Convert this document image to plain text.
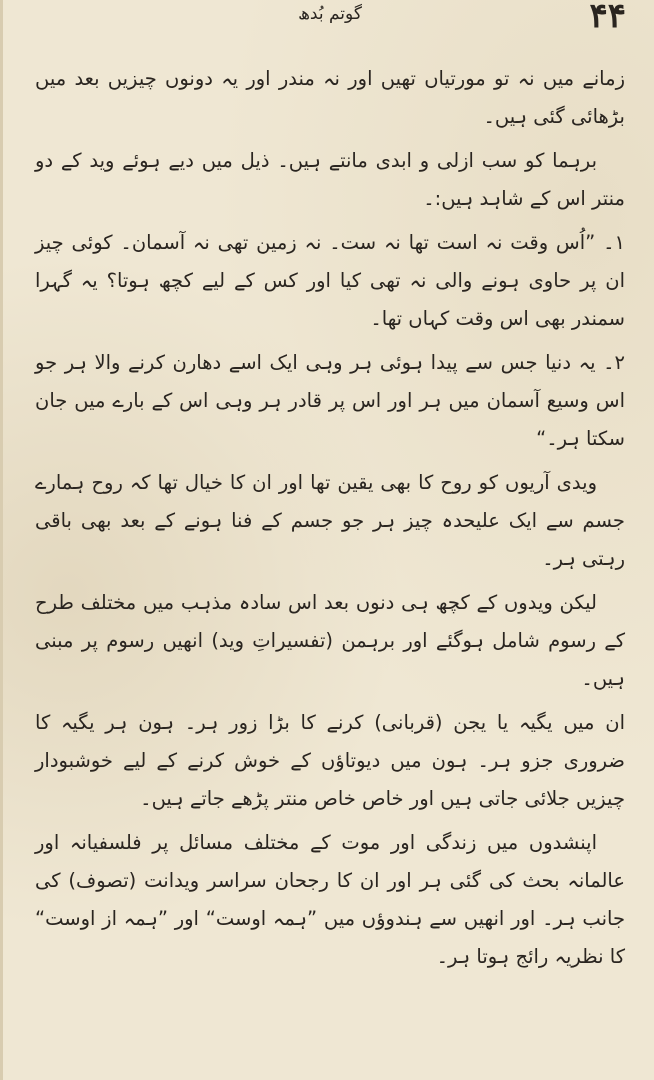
گوتم بُدھ	۴۴

زمانے میں نہ تو مورتیاں تھیں اور نہ مندر اور یہ دونوں چیزیں بعد میں بڑھائی گئی ہیں۔

برہما کو سب ازلی و ابدی مانتے ہیں۔ ذیل میں دیے ہوئے وید کے دو منتر اس کے شاہد ہیں:۔

۱۔ ”اُس وقت نہ است تھا نہ ست۔ نہ زمین تھی نہ آسمان۔ کوئی چیز ان پر حاوی ہونے والی نہ تھی کیا اور کس کے لیے کچھ ہوتا؟ یہ گہرا سمندر بھی اس وقت کہاں تھا۔

۲۔ یہ دنیا جس سے پیدا ہوئی ہر وہی ایک اسے دھارن کرنے والا ہر جو اس وسیع آسمان میں ہر اور اس پر قادر ہر وہی اس کے بارے میں جان سکتا ہر۔“

ویدی آریوں کو روح کا بھی یقین تھا اور ان کا خیال تھا کہ روح ہمارے جسم سے ایک علیحدہ چیز ہر جو جسم کے فنا ہونے کے بعد بھی باقی رہتی ہر۔

لیکن ویدوں کے کچھ ہی دنوں بعد اس سادہ مذہب میں مختلف طرح کے رسوم شامل ہوگئے اور برہمن (تفسیراتِ وید) انھیں رسوم پر مبنی ہیں۔

ان میں یگیہ یا یجن (قربانی) کرنے کا بڑا زور ہر۔ ہون ہر یگیہ کا ضروری جزو ہر۔ ہون میں دیوتاؤں کے خوش کرنے کے لیے خوشبودار چیزیں جلائی جاتی ہیں اور خاص خاص منتر پڑھے جاتے ہیں۔

اپنشدوں میں زندگی اور موت کے مختلف مسائل پر فلسفیانہ اور عالمانہ بحث کی گئی ہر اور ان کا رجحان سراسر ویدانت (تصوف) کی جانب ہر۔ اور انھیں سے ہندوؤں میں ”ہمہ اوست“ اور ”ہمہ از اوست“ کا نظریہ رائج ہوتا ہر۔
